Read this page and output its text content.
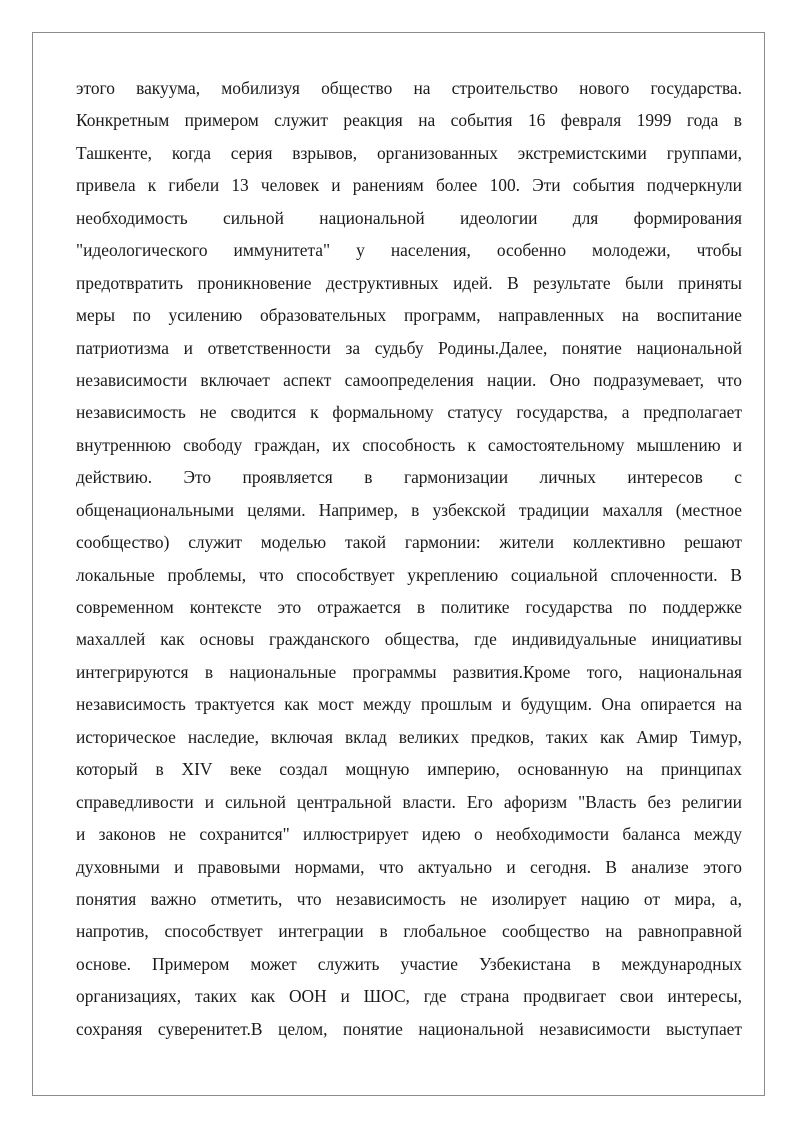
этого вакуума, мобилизуя общество на строительство нового государства.
Конкретным примером служит реакция на события 16 февраля 1999 года в
Ташкенте, когда серия взрывов, организованных экстремистскими группами,
привела к гибели 13 человек и ранениям более 100. Эти события подчеркнули
необходимость сильной национальной идеологии для формирования
"идеологического иммунитета" у населения, особенно молодежи, чтобы
предотвратить проникновение деструктивных идей. В результате были приняты
меры по усилению образовательных программ, направленных на воспитание
патриотизма и ответственности за судьбу Родины.Далее, понятие национальной
независимости включает аспект самоопределения нации. Оно подразумевает, что
независимость не сводится к формальному статусу государства, а предполагает
внутреннюю свободу граждан, их способность к самостоятельному мышлению и
действию. Это проявляется в гармонизации личных интересов с
общенациональными целями. Например, в узбекской традиции махалля (местное
сообщество) служит моделью такой гармонии: жители коллективно решают
локальные проблемы, что способствует укреплению социальной сплоченности. В
современном контексте это отражается в политике государства по поддержке
махаллей как основы гражданского общества, где индивидуальные инициативы
интегрируются в национальные программы развития.Кроме того, национальная
независимость трактуется как мост между прошлым и будущим. Она опирается на
историческое наследие, включая вклад великих предков, таких как Амир Тимур,
который в XIV веке создал мощную империю, основанную на принципах
справедливости и сильной центральной власти. Его афоризм "Власть без религии
и законов не сохранится" иллюстрирует идею о необходимости баланса между
духовными и правовыми нормами, что актуально и сегодня. В анализе этого
понятия важно отметить, что независимость не изолирует нацию от мира, а,
напротив, способствует интеграции в глобальное сообщество на равноправной
основе. Примером может служить участие Узбекистана в международных
организациях, таких как ООН и ШОС, где страна продвигает свои интересы,
сохраняя суверенитет.В целом, понятие национальной независимости выступает
